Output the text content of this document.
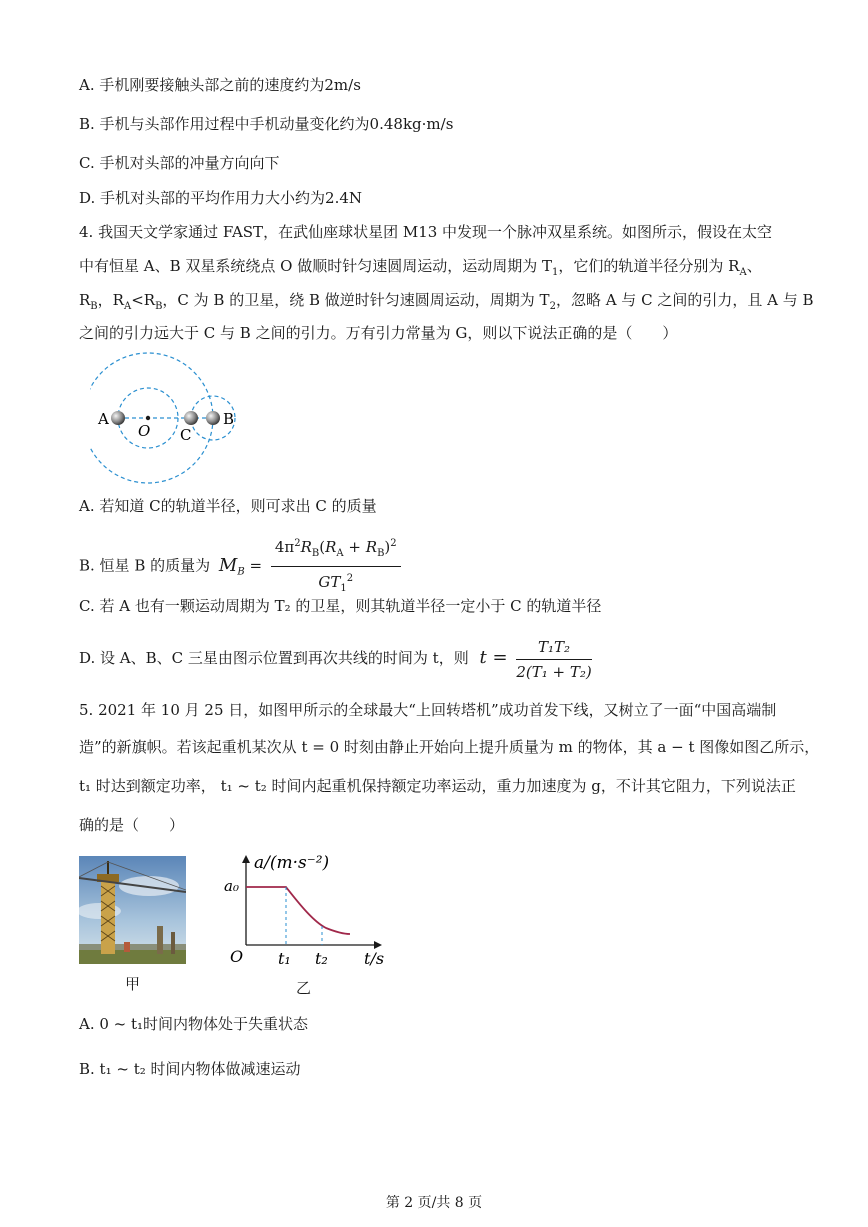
A. 手机刚要接触头部之前的速度约为2m/s
B. 手机与头部作用过程中手机动量变化约为0.48kg·m/s
C. 手机对头部的冲量方向向下
D. 手机对头部的平均作用力大小约为2.4N
4. 我国天文学家通过 FAST，在武仙座球状星团 M13 中发现一个脉冲双星系统。如图所示，假设在太空
中有恒星 A、B 双星系统绕点 O 做顺时针匀速圆周运动，运动周期为 $T_1$，它们的轨道半径分别为 $R_A$、
$R_B$，$R_A<R_B$，C 为 B 的卫星，绕 B 做逆时针匀速圆周运动，周期为 $T_2$，忽略 A 与 C 之间的引力，且 A 与 B
之间的引力远大于 C 与 B 之间的引力。万有引力常量为 G，则以下说法正确的是（　　）
A
O C
B
A. 若知道 C的轨道半径，则可求出 C 的质量
B. 恒星 B 的质量为 $M_B = \frac{4\pi^2R_B(R_A + R_B)^2}{GT_1^2}$
C. 若 A 也有一颗运动周期为 T₂ 的卫星，则其轨道半径一定小于 C 的轨道半径
D. 设 A、B、C 三星由图示位置到再次共线的时间为 t，则 $t = \frac{\text{T₁T₂}}{\text{2(T₁ + T₂)}}$
5. 2021 年 10 月 25 日，如图甲所示的全球最大“上回转塔机”成功首发下线，又树立了一面“中国高端制
造”的新旗帜。若该起重机某次从 t = 0 时刻由静止开始向上提升质量为 m 的物体，其 a − t 图像如图乙所示，
t₁ 时达到额定功率， t₁ ~ t₂ 时间内起重机保持额定功率运动，重力加速度为 g，不计其它阻力，下列说法正
确的是（　　）
甲
a/(m·s⁻²)
a₀
O t₁ t₂ t/s
乙
A. 0 ~ t₁时间内物体处于失重状态
B. t₁ ~ t₂ 时间内物体做减速运动
第 2 页/共 8 页
